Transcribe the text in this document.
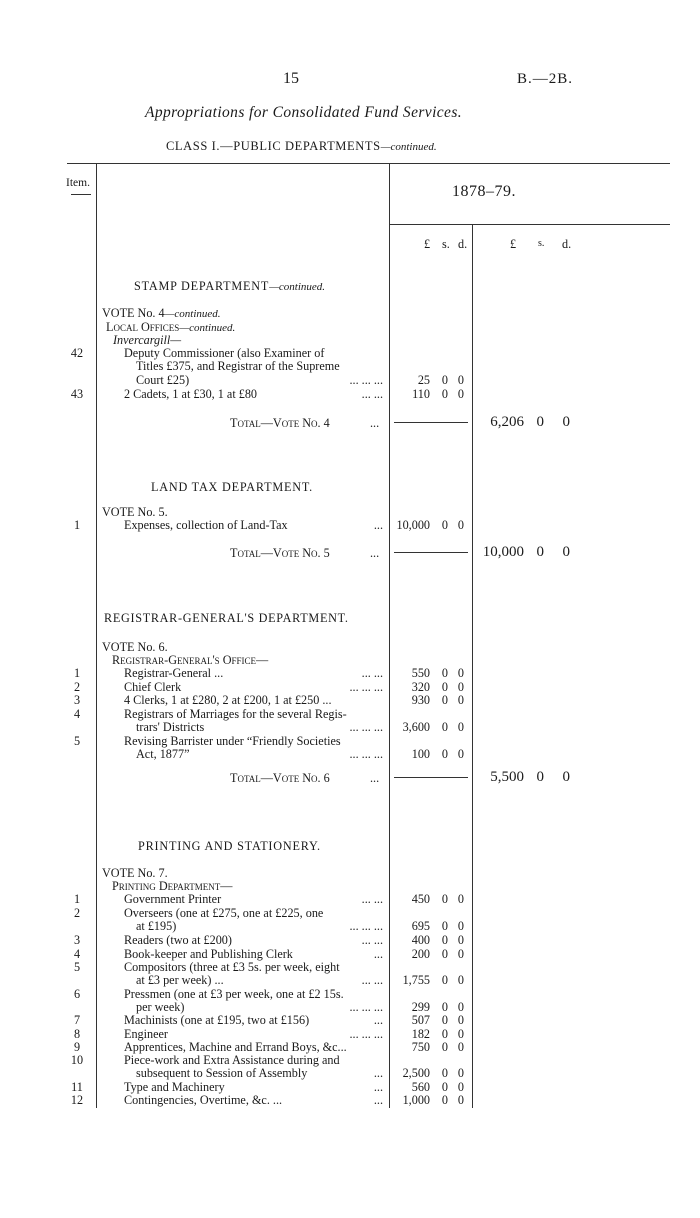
15	B.—2B.
Appropriations for Consolidated Fund Services.
CLASS I.—PUBLIC DEPARTMENTS—continued.
Item.	1878–79.
£ s. d.	£ s. d.
STAMP DEPARTMENT—continued.
VOTE No. 4—continued.
Local Offices—continued.
Invercargill—
42	Deputy Commissioner (also Examiner of
Titles £375, and Registrar of the Supreme
Court £25)	... ... ...	25 0 0
43	2 Cadets, 1 at £30, 1 at £80	... ...	110 0 0
Total—Vote No. 4	...	6,206 0	0
LAND TAX DEPARTMENT.
VOTE No. 5.
1	Expenses, collection of Land-Tax	...	10,000 0 0
Total—Vote No. 5	...	10,000 0	0
REGISTRAR-GENERAL'S DEPARTMENT.
VOTE No. 6.
Registrar-General's Office—
1	Registrar-General ...	... ...	550 0 0
2	Chief Clerk	... ... ...	320 0 0
3	4 Clerks, 1 at £280, 2 at £200, 1 at £250 ...	930 0 0
4	Registrars of Marriages for the several Regis-
trars' Districts	... ... ...	3,600 0 0
5	Revising Barrister under “Friendly Societies
Act, 1877”	... ... ...	100 0 0
Total—Vote No. 6	...	5,500 0	0
PRINTING AND STATIONERY.
VOTE No. 7.
Printing Department—
1	Government Printer	... ...	450 0 0
2	Overseers (one at £275, one at £225, one
at £195)	... ... ...	695 0 0
3	Readers (two at £200)	... ...	400 0 0
4	Book-keeper and Publishing Clerk	...	200 0 0
5	Compositors (three at £3 5s. per week, eight
at £3 per week) ...	... ...	1,755 0 0
6	Pressmen (one at £3 per week, one at £2 15s.
per week)	... ... ...	299 0 0
7	Machinists (one at £195, two at £156)	...	507 0 0
8	Engineer	... ... ...	182 0 0
9	Apprentices, Machine and Errand Boys, &c...	750 0 0
10	Piece-work and Extra Assistance during and
subsequent to Session of Assembly	...	2,500 0 0
11	Type and Machinery	...	560 0 0
12	Contingencies, Overtime, &c. ...	...	1,000 0 0
